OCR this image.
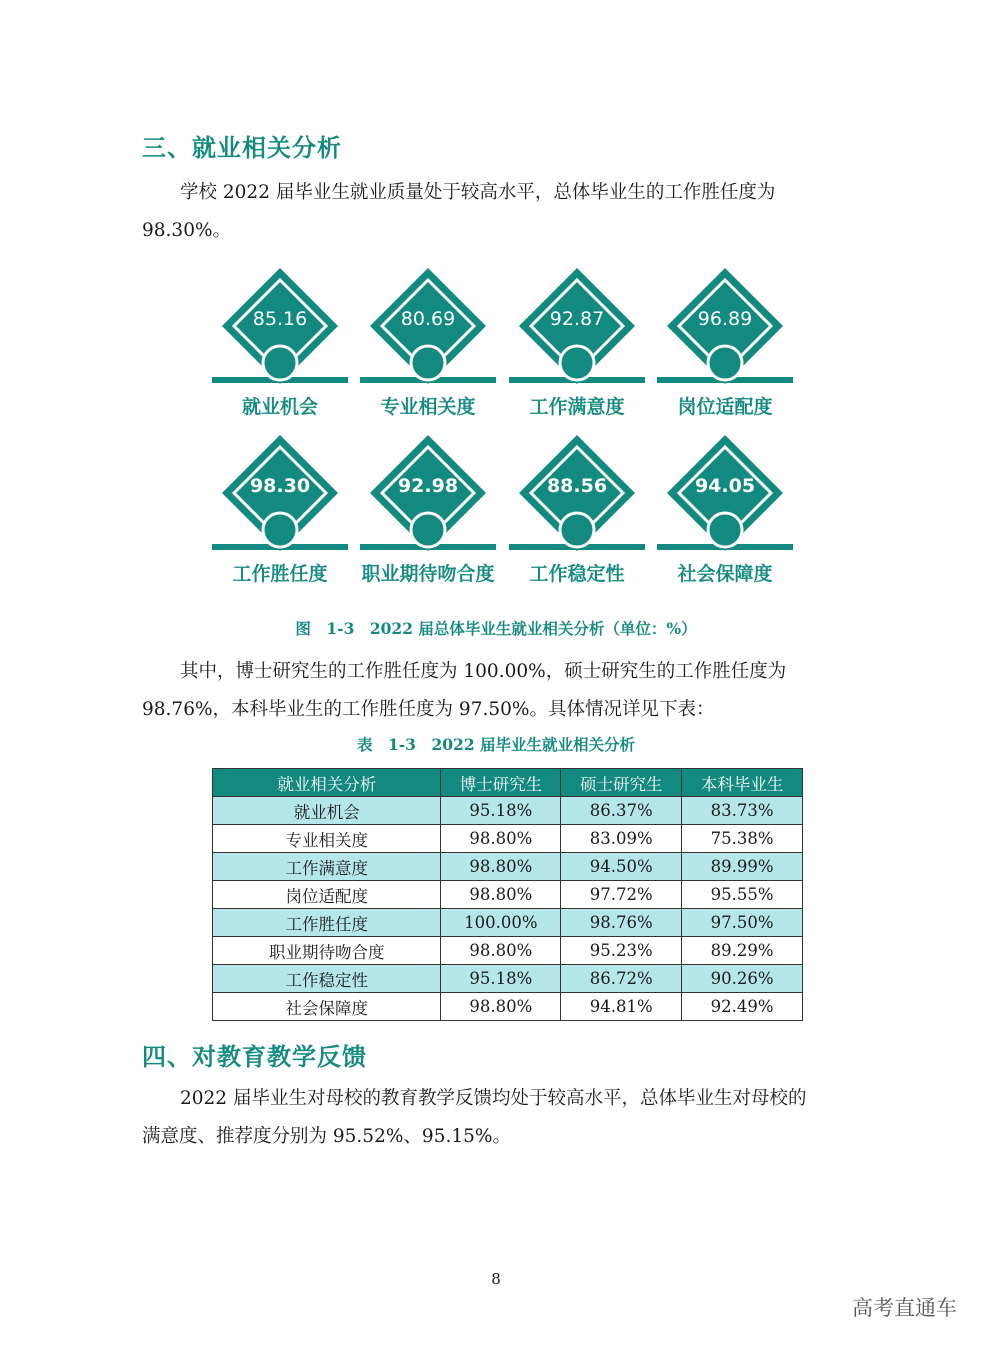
三、就业相关分析
学校 2022 届毕业生就业质量处于较高水平，总体毕业生的工作胜任度为
98.30%。
85.16
就业机会
80.69
专业相关度
92.87
工作满意度
96.89
岗位适配度
98.30
工作胜任度
92.98
职业期待吻合度
88.56
工作稳定性
94.05
社会保障度
图　1-3　2022 届总体毕业生就业相关分析（单位：%）
其中，博士研究生的工作胜任度为 100.00%，硕士研究生的工作胜任度为
98.76%，本科毕业生的工作胜任度为 97.50%。具体情况详见下表：
表　1-3　2022 届毕业生就业相关分析
就业相关分析	博士研究生	硕士研究生	本科毕业生
就业机会	95.18%	86.37%	83.73%
专业相关度	98.80%	83.09%	75.38%
工作满意度	98.80%	94.50%	89.99%
岗位适配度	98.80%	97.72%	95.55%
工作胜任度	100.00%	98.76%	97.50%
职业期待吻合度	98.80%	95.23%	89.29%
工作稳定性	95.18%	86.72%	90.26%
社会保障度	98.80%	94.81%	92.49%
四、对教育教学反馈
2022 届毕业生对母校的教育教学反馈均处于较高水平，总体毕业生对母校的
满意度、推荐度分别为 95.52%、95.15%。
8
高考直通车
